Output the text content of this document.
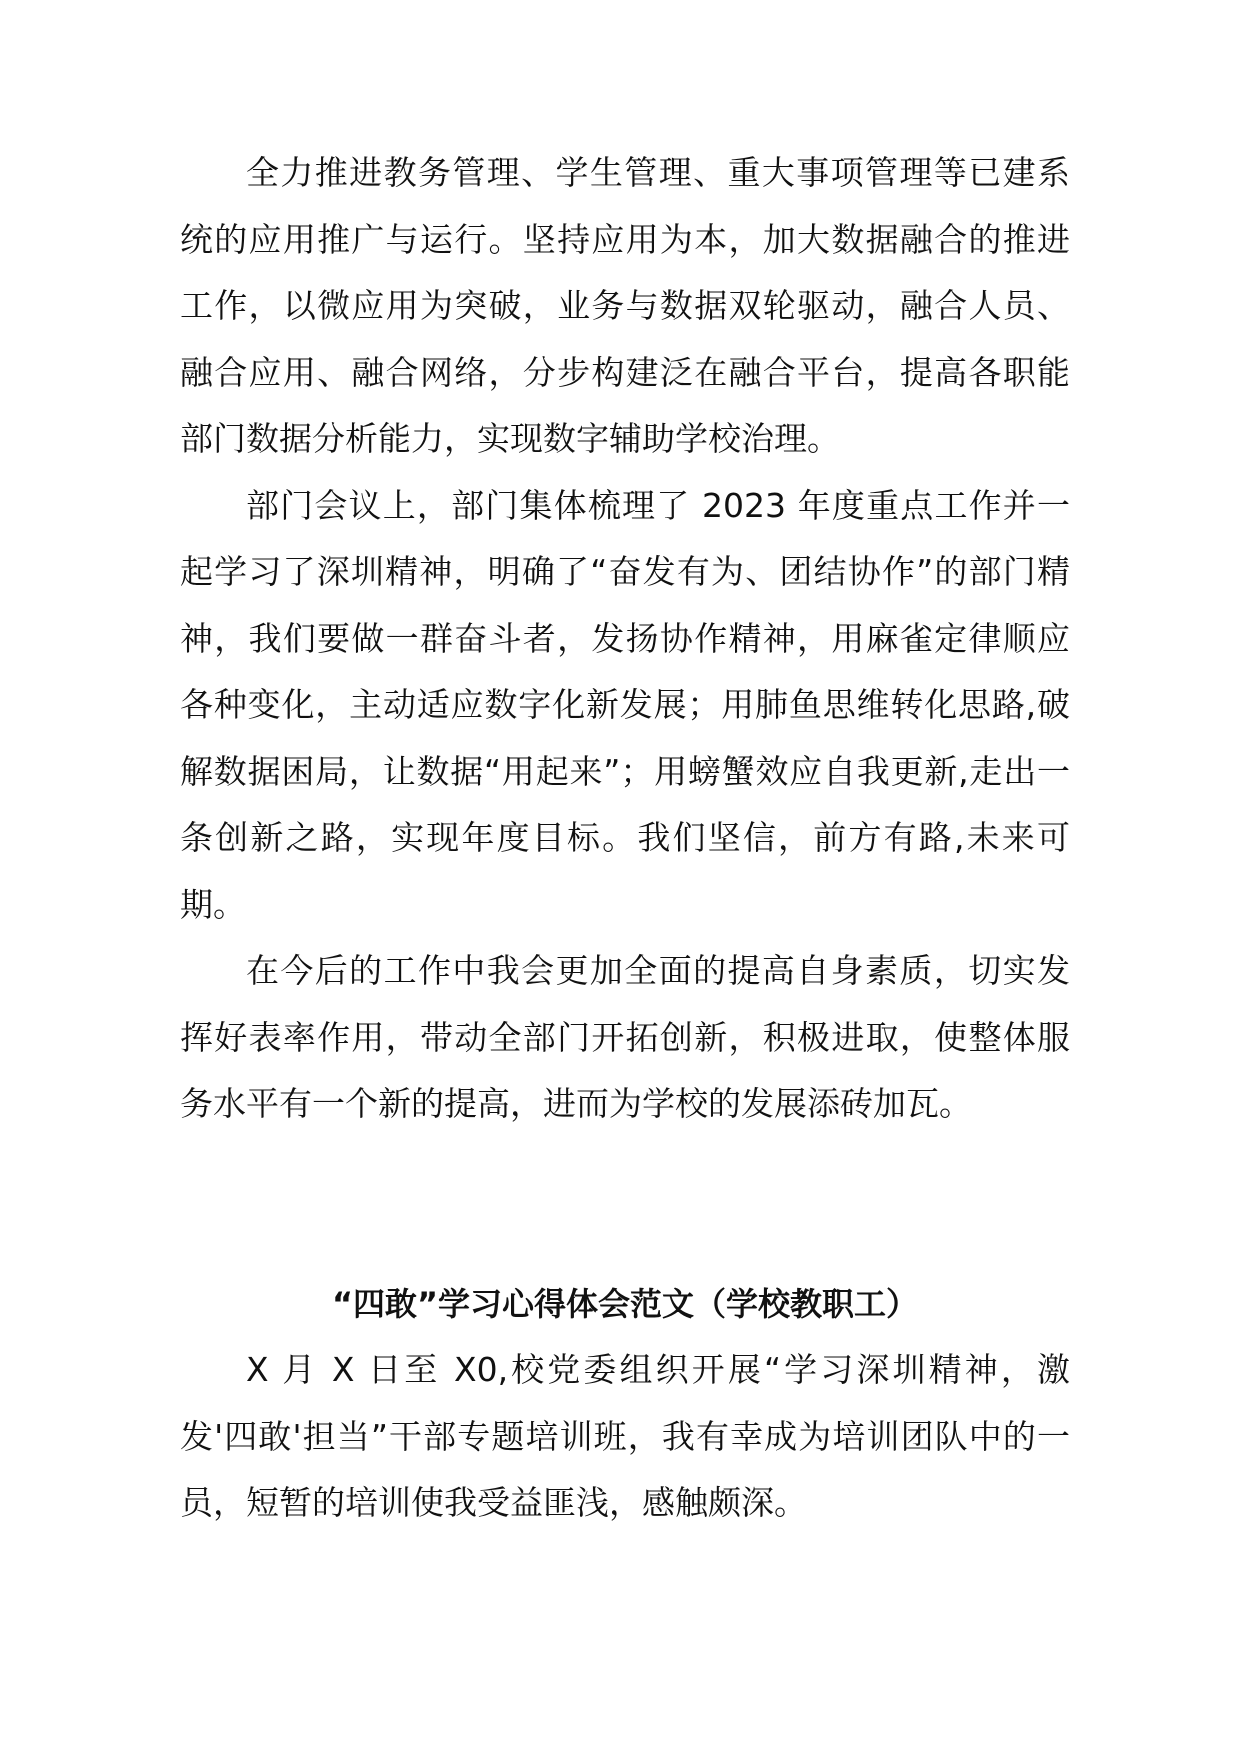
全力推进教务管理、学生管理、重大事项管理等已建系统的应用推广与运行。坚持应用为本，加大数据融合的推进工作，以微应用为突破，业务与数据双轮驱动，融合人员、融合应用、融合网络，分步构建泛在融合平台，提高各职能部门数据分析能力，实现数字辅助学校治理。

部门会议上，部门集体梳理了 2023 年度重点工作并一起学习了深圳精神，明确了“奋发有为、团结协作”的部门精神，我们要做一群奋斗者，发扬协作精神，用麻雀定律顺应各种变化，主动适应数字化新发展；用肺鱼思维转化思路,破解数据困局，让数据“用起来”；用螃蟹效应自我更新,走出一条创新之路，实现年度目标。我们坚信，前方有路,未来可期。

在今后的工作中我会更加全面的提高自身素质，切实发挥好表率作用，带动全部门开拓创新，积极进取，使整体服务水平有一个新的提高，进而为学校的发展添砖加瓦。

“四敢”学习心得体会范文（学校教职工）

X 月 X 日至 X0,校党委组织开展“学习深圳精神，激发'四敢'担当”干部专题培训班，我有幸成为培训团队中的一员，短暂的培训使我受益匪浅，感触颇深。
